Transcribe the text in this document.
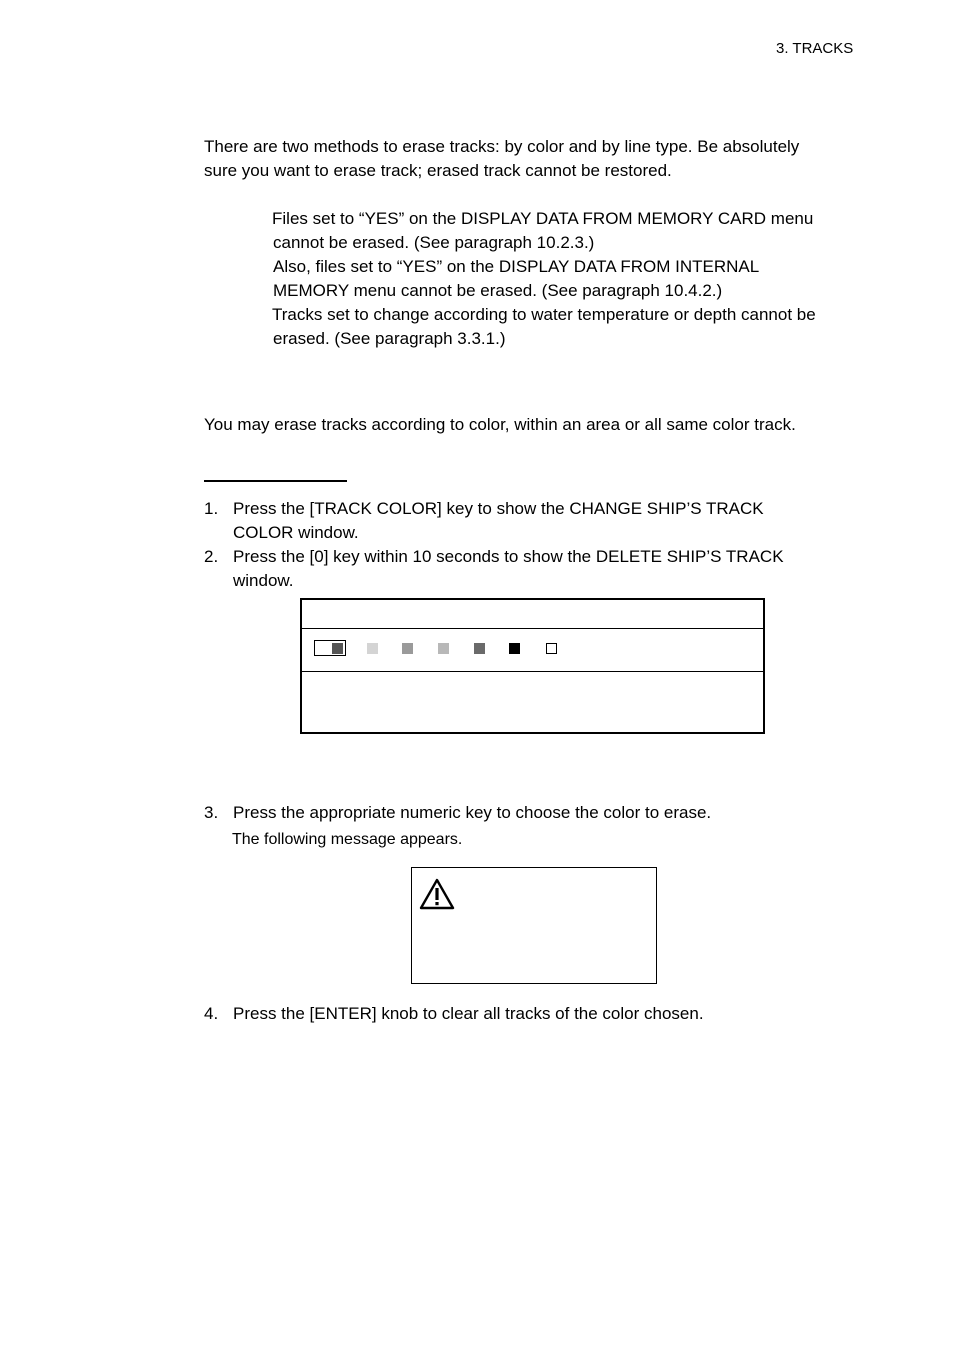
3. TRACKS
There are two methods to erase tracks: by color and by line type. Be absolutely
sure you want to erase track; erased track cannot be restored.
Files set to “YES” on the DISPLAY DATA FROM MEMORY CARD menu
cannot be erased. (See paragraph 10.2.3.)
Also, files set to “YES” on the DISPLAY DATA FROM INTERNAL
MEMORY menu cannot be erased. (See paragraph 10.4.2.)
Tracks set to change according to water temperature or depth cannot be
erased. (See paragraph 3.3.1.)
You may erase tracks according to color, within an area or all same color track.
1. Press the [TRACK COLOR] key to show the CHANGE SHIP’S TRACK
COLOR window.
2. Press the [0] key within 10 seconds to show the DELETE SHIP’S TRACK
window.
3. Press the appropriate numeric key to choose the color to erase.
The following message appears.
4. Press the [ENTER] knob to clear all tracks of the color chosen.
